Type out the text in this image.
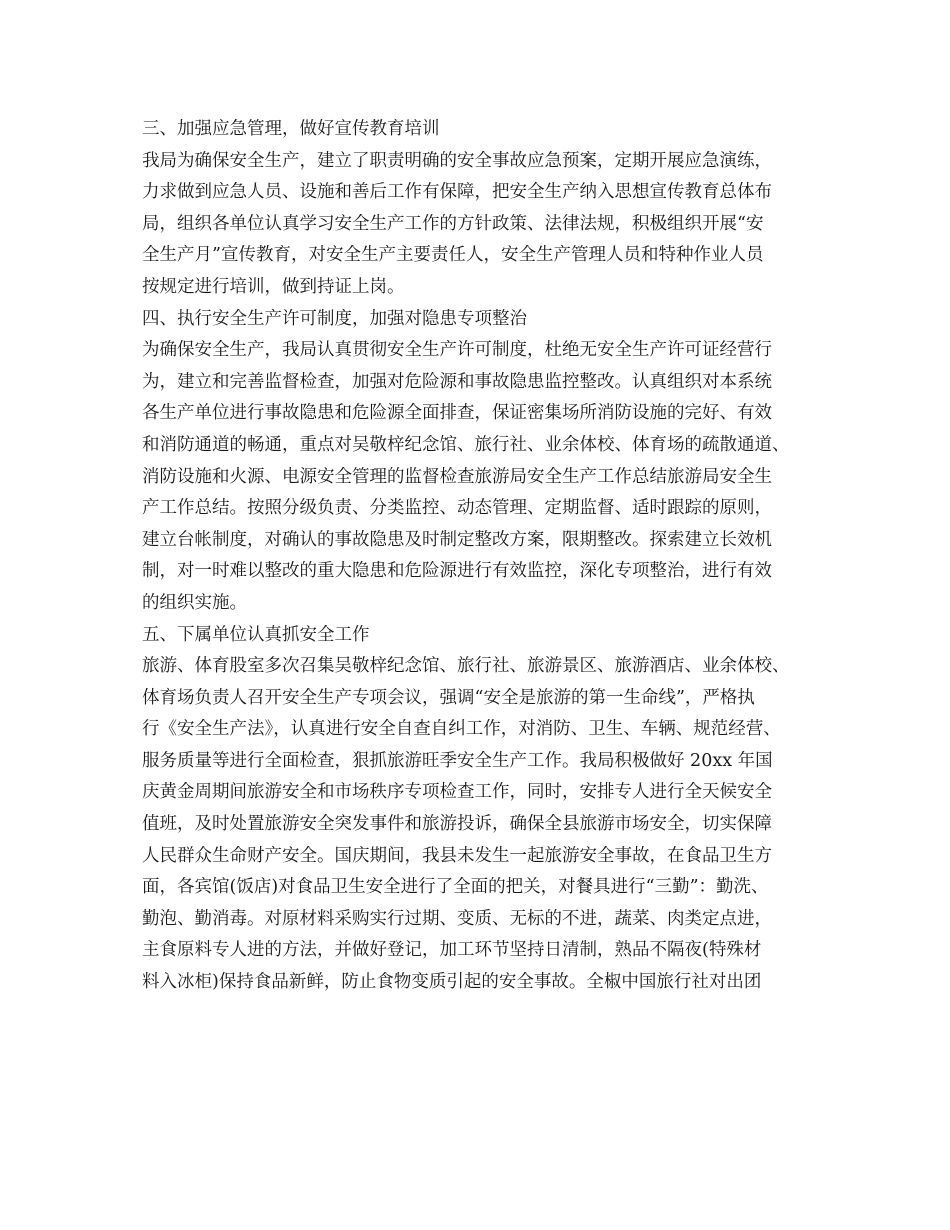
三、加强应急管理，做好宣传教育培训
我局为确保安全生产，建立了职责明确的安全事故应急预案，定期开展应急演练，
力求做到应急人员、设施和善后工作有保障，把安全生产纳入思想宣传教育总体布
局，组织各单位认真学习安全生产工作的方针政策、法律法规，积极组织开展“安
全生产月”宣传教育，对安全生产主要责任人，安全生产管理人员和特种作业人员
按规定进行培训，做到持证上岗。
四、执行安全生产许可制度，加强对隐患专项整治
为确保安全生产，我局认真贯彻安全生产许可制度，杜绝无安全生产许可证经营行
为，建立和完善监督检查，加强对危险源和事故隐患监控整改。认真组织对本系统
各生产单位进行事故隐患和危险源全面排查，保证密集场所消防设施的完好、有效
和消防通道的畅通，重点对吴敬梓纪念馆、旅行社、业余体校、体育场的疏散通道、
消防设施和火源、电源安全管理的监督检查旅游局安全生产工作总结旅游局安全生
产工作总结。按照分级负责、分类监控、动态管理、定期监督、适时跟踪的原则，
建立台帐制度，对确认的事故隐患及时制定整改方案，限期整改。探索建立长效机
制，对一时难以整改的重大隐患和危险源进行有效监控，深化专项整治，进行有效
的组织实施。
五、下属单位认真抓安全工作
旅游、体育股室多次召集吴敬梓纪念馆、旅行社、旅游景区、旅游酒店、业余体校、
体育场负责人召开安全生产专项会议，强调“安全是旅游的第一生命线”，严格执
行《安全生产法》，认真进行安全自查自纠工作，对消防、卫生、车辆、规范经营、
服务质量等进行全面检查，狠抓旅游旺季安全生产工作。我局积极做好 20xx 年国
庆黄金周期间旅游安全和市场秩序专项检查工作，同时，安排专人进行全天候安全
值班，及时处置旅游安全突发事件和旅游投诉，确保全县旅游市场安全，切实保障
人民群众生命财产安全。国庆期间，我县未发生一起旅游安全事故，在食品卫生方
面，各宾馆(饭店)对食品卫生安全进行了全面的把关，对餐具进行“三勤”：勤洗、
勤泡、勤消毒。对原材料采购实行过期、变质、无标的不进，蔬菜、肉类定点进，
主食原料专人进的方法，并做好登记，加工环节坚持日清制，熟品不隔夜(特殊材
料入冰柜)保持食品新鲜，防止食物变质引起的安全事故。全椒中国旅行社对出团
